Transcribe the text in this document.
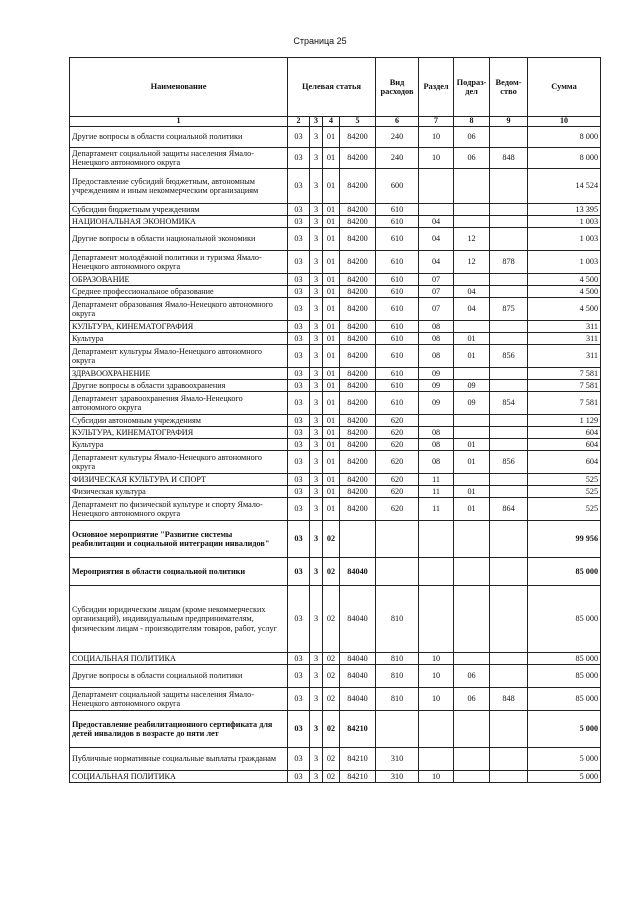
Страница 25
Наименование	Целевая статья				Вид расходов	Раздел	Подраз-дел	Ведом-ство	Сумма
1	2	3	4	5	6	7	8	9	10
Другие вопросы в области социальной политики	03	3	01	84200	240	10	06		8 000
Департамент социальной защиты населения Ямало-Ненецкого автономного округа	03	3	01	84200	240	10	06	848	8 000
Предоставление субсидий бюджетным, автономным учреждениям и иным некоммерческим организациям	03	3	01	84200	600				14 524
Субсидии бюджетным учреждениям	03	3	01	84200	610				13 395
НАЦИОНАЛЬНАЯ ЭКОНОМИКА	03	3	01	84200	610	04			1 003
Другие вопросы в области национальной экономики	03	3	01	84200	610	04	12		1 003
Департамент молодёжной политики и туризма Ямало-Ненецкого автономного округа	03	3	01	84200	610	04	12	878	1 003
ОБРАЗОВАНИЕ	03	3	01	84200	610	07			4 500
Среднее профессиональное образование	03	3	01	84200	610	07	04		4 500
Департамент образования Ямало-Ненецкого автономного округа	03	3	01	84200	610	07	04	875	4 500
КУЛЬТУРА, КИНЕМАТОГРАФИЯ	03	3	01	84200	610	08			311
Культура	03	3	01	84200	610	08	01		311
Департамент культуры Ямало-Ненецкого автономного округа	03	3	01	84200	610	08	01	856	311
ЗДРАВООХРАНЕНИЕ	03	3	01	84200	610	09			7 581
Другие вопросы в области здравоохранения	03	3	01	84200	610	09	09		7 581
Департамент здравоохранения Ямало-Ненецкого автономного округа	03	3	01	84200	610	09	09	854	7 581
Субсидии автономным учреждениям	03	3	01	84200	620				1 129
КУЛЬТУРА, КИНЕМАТОГРАФИЯ	03	3	01	84200	620	08			604
Культура	03	3	01	84200	620	08	01		604
Департамент культуры Ямало-Ненецкого автономного округа	03	3	01	84200	620	08	01	856	604
ФИЗИЧЕСКАЯ КУЛЬТУРА И СПОРТ	03	3	01	84200	620	11			525
Физическая культура	03	3	01	84200	620	11	01		525
Департамент по физической культуре и спорту Ямало-Ненецкого автономного округа	03	3	01	84200	620	11	01	864	525
Основное мероприятие "Развитие системы реабилитации и социальной интеграции инвалидов"	03	3	02						99 956
Мероприятия в области социальной политики	03	3	02	84040					85 000
Субсидии юридическим лицам (кроме некоммерческих организаций), индивидуальным предпринимателям, физическим лицам - производителям товаров, работ, услуг	03	3	02	84040	810				85 000
СОЦИАЛЬНАЯ ПОЛИТИКА	03	3	02	84040	810	10			85 000
Другие вопросы в области социальной политики	03	3	02	84040	810	10	06		85 000
Департамент социальной защиты населения Ямало-Ненецкого автономного округа	03	3	02	84040	810	10	06	848	85 000
Предоставление реабилитационного сертификата для детей инвалидов в возрасте до пяти лет	03	3	02	84210					5 000
Публичные нормативные социальные выплаты гражданам	03	3	02	84210	310				5 000
СОЦИАЛЬНАЯ ПОЛИТИКА	03	3	02	84210	310	10			5 000
